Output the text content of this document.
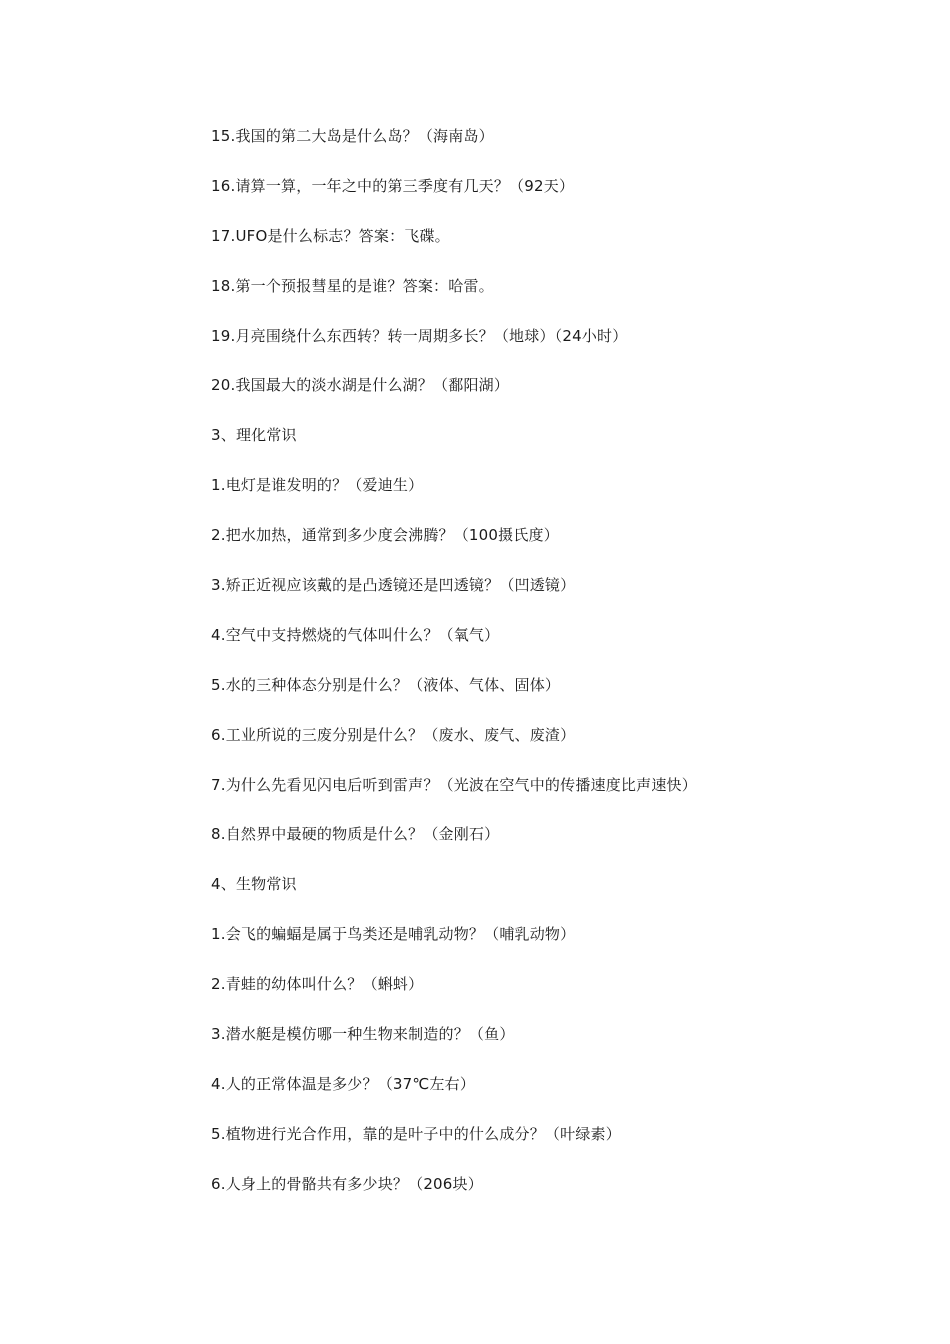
15.我国的第二大岛是什么岛？（海南岛）
16.请算一算，一年之中的第三季度有几天？（92天）
17.UFO是什么标志？答案：飞碟。
18.第一个预报彗星的是谁？答案：哈雷。
19.月亮围绕什么东西转？转一周期多长？（地球）（24小时）
20.我国最大的淡水湖是什么湖？（鄱阳湖）
3、理化常识
1.电灯是谁发明的？（爱迪生）
2.把水加热，通常到多少度会沸腾？（100摄氏度）
3.矫正近视应该戴的是凸透镜还是凹透镜？（凹透镜）
4.空气中支持燃烧的气体叫什么？（氧气）
5.水的三种体态分别是什么？（液体、气体、固体）
6.工业所说的三废分别是什么？（废水、废气、废渣）
7.为什么先看见闪电后听到雷声？（光波在空气中的传播速度比声速快）
8.自然界中最硬的物质是什么？（金刚石）
4、生物常识
1.会飞的蝙蝠是属于鸟类还是哺乳动物？（哺乳动物）
2.青蛙的幼体叫什么？（蝌蚪）
3.潜水艇是模仿哪一种生物来制造的？（鱼）
4.人的正常体温是多少？（37℃左右）
5.植物进行光合作用，靠的是叶子中的什么成分？（叶绿素）
6.人身上的骨骼共有多少块？（206块）
